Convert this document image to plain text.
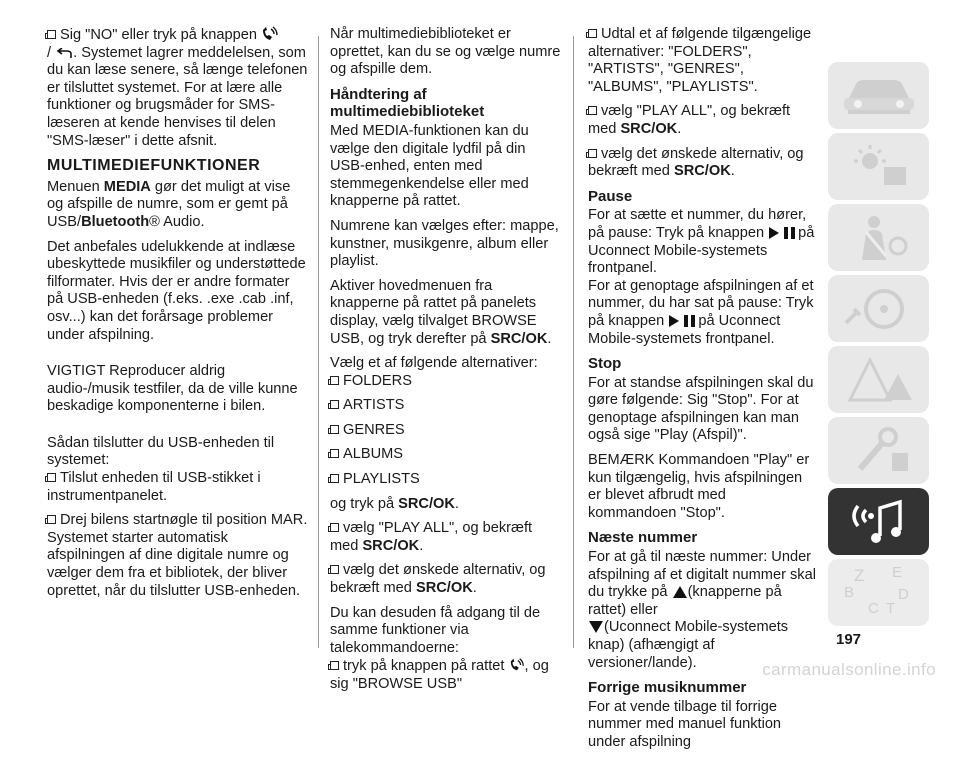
Sig "NO" eller tryk på knappen
/ . Systemet lagrer meddelelsen, som du kan læse senere, så længe telefonen er tilsluttet systemet. For at lære alle funktioner og brugsmåder for SMS-læseren at kende henvises til delen "SMS-læser" i dette afsnit.

MULTIMEDIEFUNKTIONER

Menuen MEDIA gør det muligt at vise og afspille de numre, som er gemt på USB/Bluetooth® Audio.

Det anbefales udelukkende at indlæse ubeskyttede musikfiler og understøttede filformater. Hvis der er andre formater på USB-enheden (f.eks. .exe .cab .inf, osv...) kan det forårsage problemer under afspilning.

VIGTIGT Reproducer aldrig audio-/musik testfiler, da de ville kunne beskadige komponenterne i bilen.

Sådan tilslutter du USB-enheden til systemet:

Tilslut enheden til USB-stikket i instrumentpanelet.

Drej bilens startnøgle til position MAR. Systemet starter automatisk afspilningen af dine digitale numre og vælger dem fra et bibliotek, der bliver oprettet, når du tilslutter USB-enheden.

Når multimediebiblioteket er oprettet, kan du se og vælge numre og afspille dem.

Håndtering af multimediebiblioteket

Med MEDIA-funktionen kan du vælge den digitale lydfil på din USB-enhed, enten med stemmegenkendelse eller med knapperne på rattet.

Numrene kan vælges efter: mappe, kunstner, musikgenre, album eller playlist.

Aktiver hovedmenuen fra knapperne på rattet på panelets display, vælg tilvalget BROWSE USB, og tryk derefter på SRC/OK.

Vælg et af følgende alternativer:

FOLDERS

ARTISTS

GENRES

ALBUMS

PLAYLISTS

og tryk på SRC/OK.

vælg "PLAY ALL", og bekræft med SRC/OK.

vælg det ønskede alternativ, og bekræft med SRC/OK.

Du kan desuden få adgang til de samme funktioner via talekommandoerne:

tryk på knappen på rattet , og sig "BROWSE USB"

Udtal et af følgende tilgængelige alternativer: "FOLDERS", "ARTISTS", "GENRES", "ALBUMS", "PLAYLISTS".

vælg "PLAY ALL", og bekræft med SRC/OK.

vælg det ønskede alternativ, og bekræft med SRC/OK.

Pause

For at sætte et nummer, du hører, på pause: Tryk på knappen på Uconnect Mobile-systemets frontpanel.

For at genoptage afspilningen af et nummer, du har sat på pause: Tryk på knappen på Uconnect Mobile-systemets frontpanel.

Stop

For at standse afspilningen skal du gøre følgende: Sig "Stop". For at genoptage afspilningen kan man også sige "Play (Afspil)".

BEMÆRK Kommandoen "Play" er kun tilgængelig, hvis afspilningen er blevet afbrudt med kommandoen "Stop".

Næste nummer

For at gå til næste nummer: Under afspilning af et digitalt nummer skal du trykke på (knapperne på rattet) eller
(Uconnect Mobile-systemets knap) (afhængigt af versioner/lande).

Forrige musiknummer

For at vende tilbage til forrige nummer med manuel funktion under afspilning

Z E
B
C T
D
197
carmanualsonline.info
